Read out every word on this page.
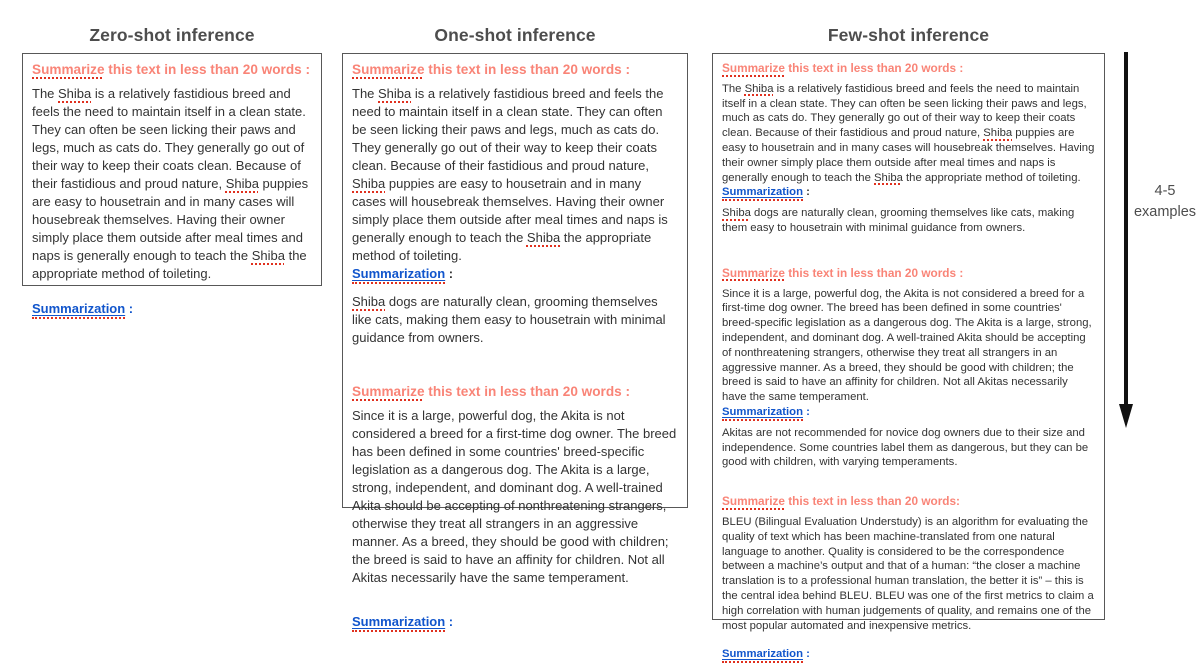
Zero-shot inference

Summarize this text in less than 20 words :

The Shiba is a relatively fastidious breed and feels the need to maintain itself in a clean state. They can often be seen licking their paws and legs, much as cats do. They generally go out of their way to keep their coats clean. Because of their fastidious and proud nature, Shiba puppies are easy to housetrain and in many cases will housebreak themselves. Having their owner simply place them outside after meal times and naps is generally enough to teach the Shiba the appropriate method of toileting.

Summarization :

One-shot inference

Summarize this text in less than 20 words :

The Shiba is a relatively fastidious breed and feels the need to maintain itself in a clean state. They can often be seen licking their paws and legs, much as cats do. They generally go out of their way to keep their coats clean. Because of their fastidious and proud nature, Shiba puppies are easy to housetrain and in many cases will housebreak themselves. Having their owner simply place them outside after meal times and naps is generally enough to teach the Shiba the appropriate method of toileting.

Summarization :

Shiba dogs are naturally clean, grooming themselves like cats, making them easy to housetrain with minimal guidance from owners.

Summarize this text in less than 20 words :

Since it is a large, powerful dog, the Akita is not considered a breed for a first-time dog owner. The breed has been defined in some countries' breed-specific legislation as a dangerous dog. The Akita is a large, strong, independent, and dominant dog. A well-trained Akita should be accepting of nonthreatening strangers, otherwise they treat all strangers in an aggressive manner. As a breed, they should be good with children; the breed is said to have an affinity for children. Not all Akitas necessarily have the same temperament.

Summarization :

Few-shot inference

Summarize this text in less than 20 words :

The Shiba is a relatively fastidious breed and feels the need to maintain itself in a clean state. They can often be seen licking their paws and legs, much as cats do. They generally go out of their way to keep their coats clean. Because of their fastidious and proud nature, Shiba puppies are easy to housetrain and in many cases will housebreak themselves. Having their owner simply place them outside after meal times and naps is generally enough to teach the Shiba the appropriate method of toileting.

Summarization :

Shiba dogs are naturally clean, grooming themselves like cats, making them easy to housetrain with minimal guidance from owners.

Summarize this text in less than 20 words :

Since it is a large, powerful dog, the Akita is not considered a breed for a first-time dog owner. The breed has been defined in some countries' breed-specific legislation as a dangerous dog. The Akita is a large, strong, independent, and dominant dog. A well-trained Akita should be accepting of nonthreatening strangers, otherwise they treat all strangers in an aggressive manner. As a breed, they should be good with children; the breed is said to have an affinity for children. Not all Akitas necessarily have the same temperament.

Summarization :

Akitas are not recommended for novice dog owners due to their size and independence. Some countries label them as dangerous, but they can be good with children, with varying temperaments.

Summarize this text in less than 20 words:

BLEU (Bilingual Evaluation Understudy) is an algorithm for evaluating the quality of text which has been machine-translated from one natural language to another. Quality is considered to be the correspondence between a machine’s output and that of a human: “the closer a machine translation is to a professional human translation, the better it is” – this is the central idea behind BLEU. BLEU was one of the first metrics to claim a high correlation with human judgements of quality, and remains one of the most popular automated and inexpensive metrics.

Summarization :

4-5
examples
